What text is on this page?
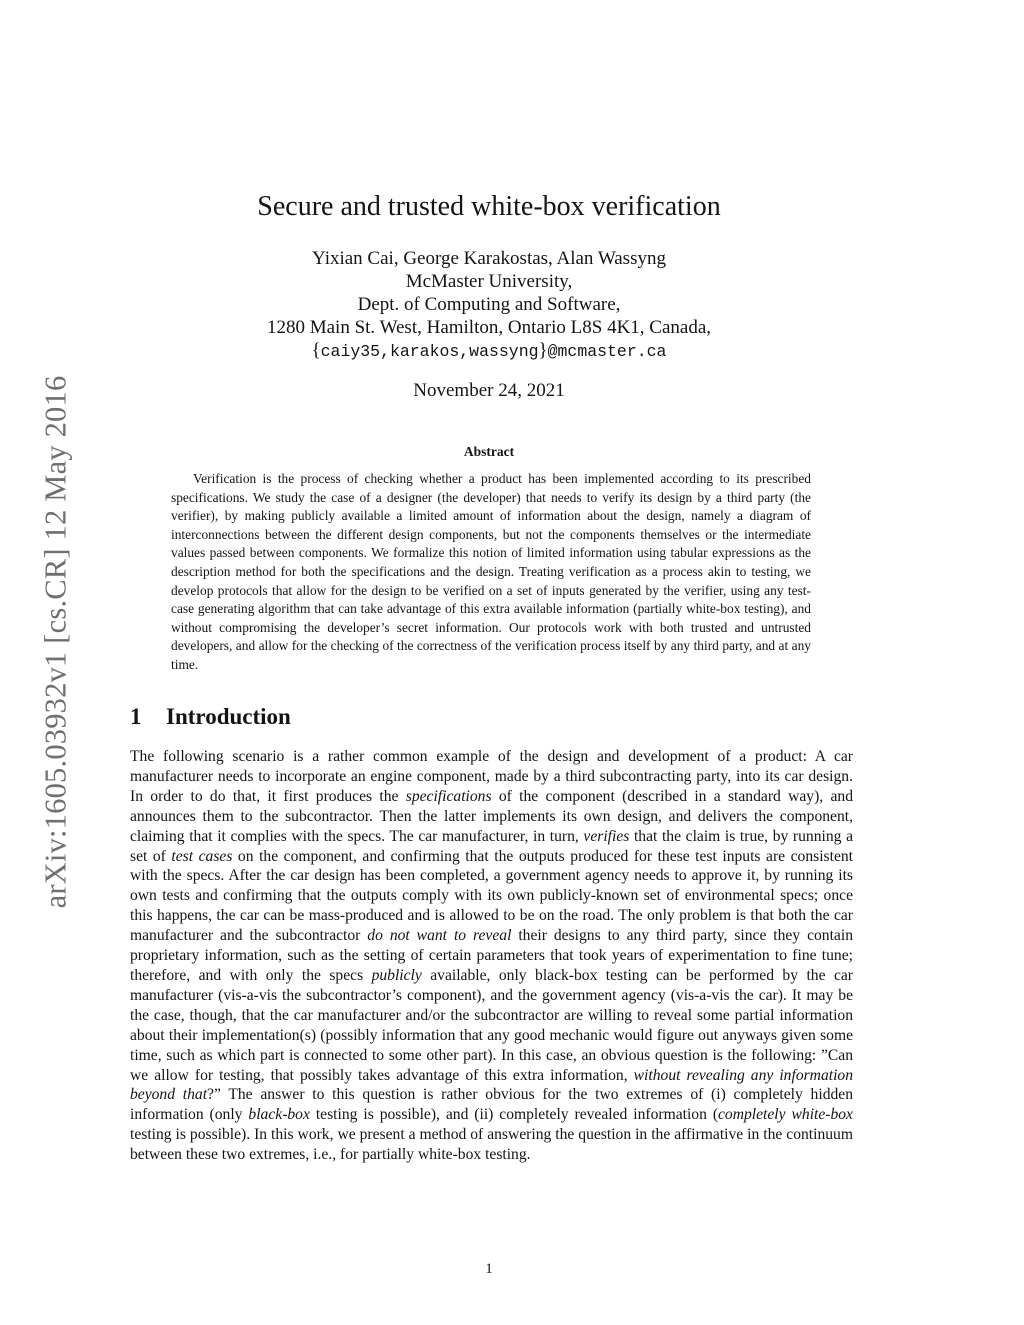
arXiv:1605.03932v1 [cs.CR] 12 May 2016
Secure and trusted white-box verification
Yixian Cai, George Karakostas, Alan Wassyng
McMaster University,
Dept. of Computing and Software,
1280 Main St. West, Hamilton, Ontario L8S 4K1, Canada,
{caiy35,karakos,wassyng}@mcmaster.ca
November 24, 2021
Abstract

Verification is the process of checking whether a product has been implemented according to its prescribed specifications. We study the case of a designer (the developer) that needs to verify its design by a third party (the verifier), by making publicly available a limited amount of information about the design, namely a diagram of interconnections between the different design components, but not the components themselves or the intermediate values passed between components. We formalize this notion of limited information using tabular expressions as the description method for both the specifications and the design. Treating verification as a process akin to testing, we develop protocols that allow for the design to be verified on a set of inputs generated by the verifier, using any test-case generating algorithm that can take advantage of this extra available information (partially white-box testing), and without compromising the developer’s secret information. Our protocols work with both trusted and untrusted developers, and allow for the checking of the correctness of the verification process itself by any third party, and at any time.

1 Introduction

The following scenario is a rather common example of the design and development of a product: A car manufacturer needs to incorporate an engine component, made by a third subcontracting party, into its car design. In order to do that, it first produces the specifications of the component (described in a standard way), and announces them to the subcontractor. Then the latter implements its own design, and delivers the component, claiming that it complies with the specs. The car manufacturer, in turn, verifies that the claim is true, by running a set of test cases on the component, and confirming that the outputs produced for these test inputs are consistent with the specs. After the car design has been completed, a government agency needs to approve it, by running its own tests and confirming that the outputs comply with its own publicly-known set of environmental specs; once this happens, the car can be mass-produced and is allowed to be on the road. The only problem is that both the car manufacturer and the subcontractor do not want to reveal their designs to any third party, since they contain proprietary information, such as the setting of certain parameters that took years of experimentation to fine tune; therefore, and with only the specs publicly available, only black-box testing can be performed by the car manufacturer (vis-a-vis the subcontractor’s component), and the government agency (vis-a-vis the car). It may be the case, though, that the car manufacturer and/or the subcontractor are willing to reveal some partial information about their implementation(s) (possibly information that any good mechanic would figure out anyways given some time, such as which part is connected to some other part). In this case, an obvious question is the following: ”Can we allow for testing, that possibly takes advantage of this extra information, without revealing any information beyond that?” The answer to this question is rather obvious for the two extremes of (i) completely hidden information (only black-box testing is possible), and (ii) completely revealed information (completely white-box testing is possible). In this work, we present a method of answering the question in the affirmative in the continuum between these two extremes, i.e., for partially white-box testing.

1
